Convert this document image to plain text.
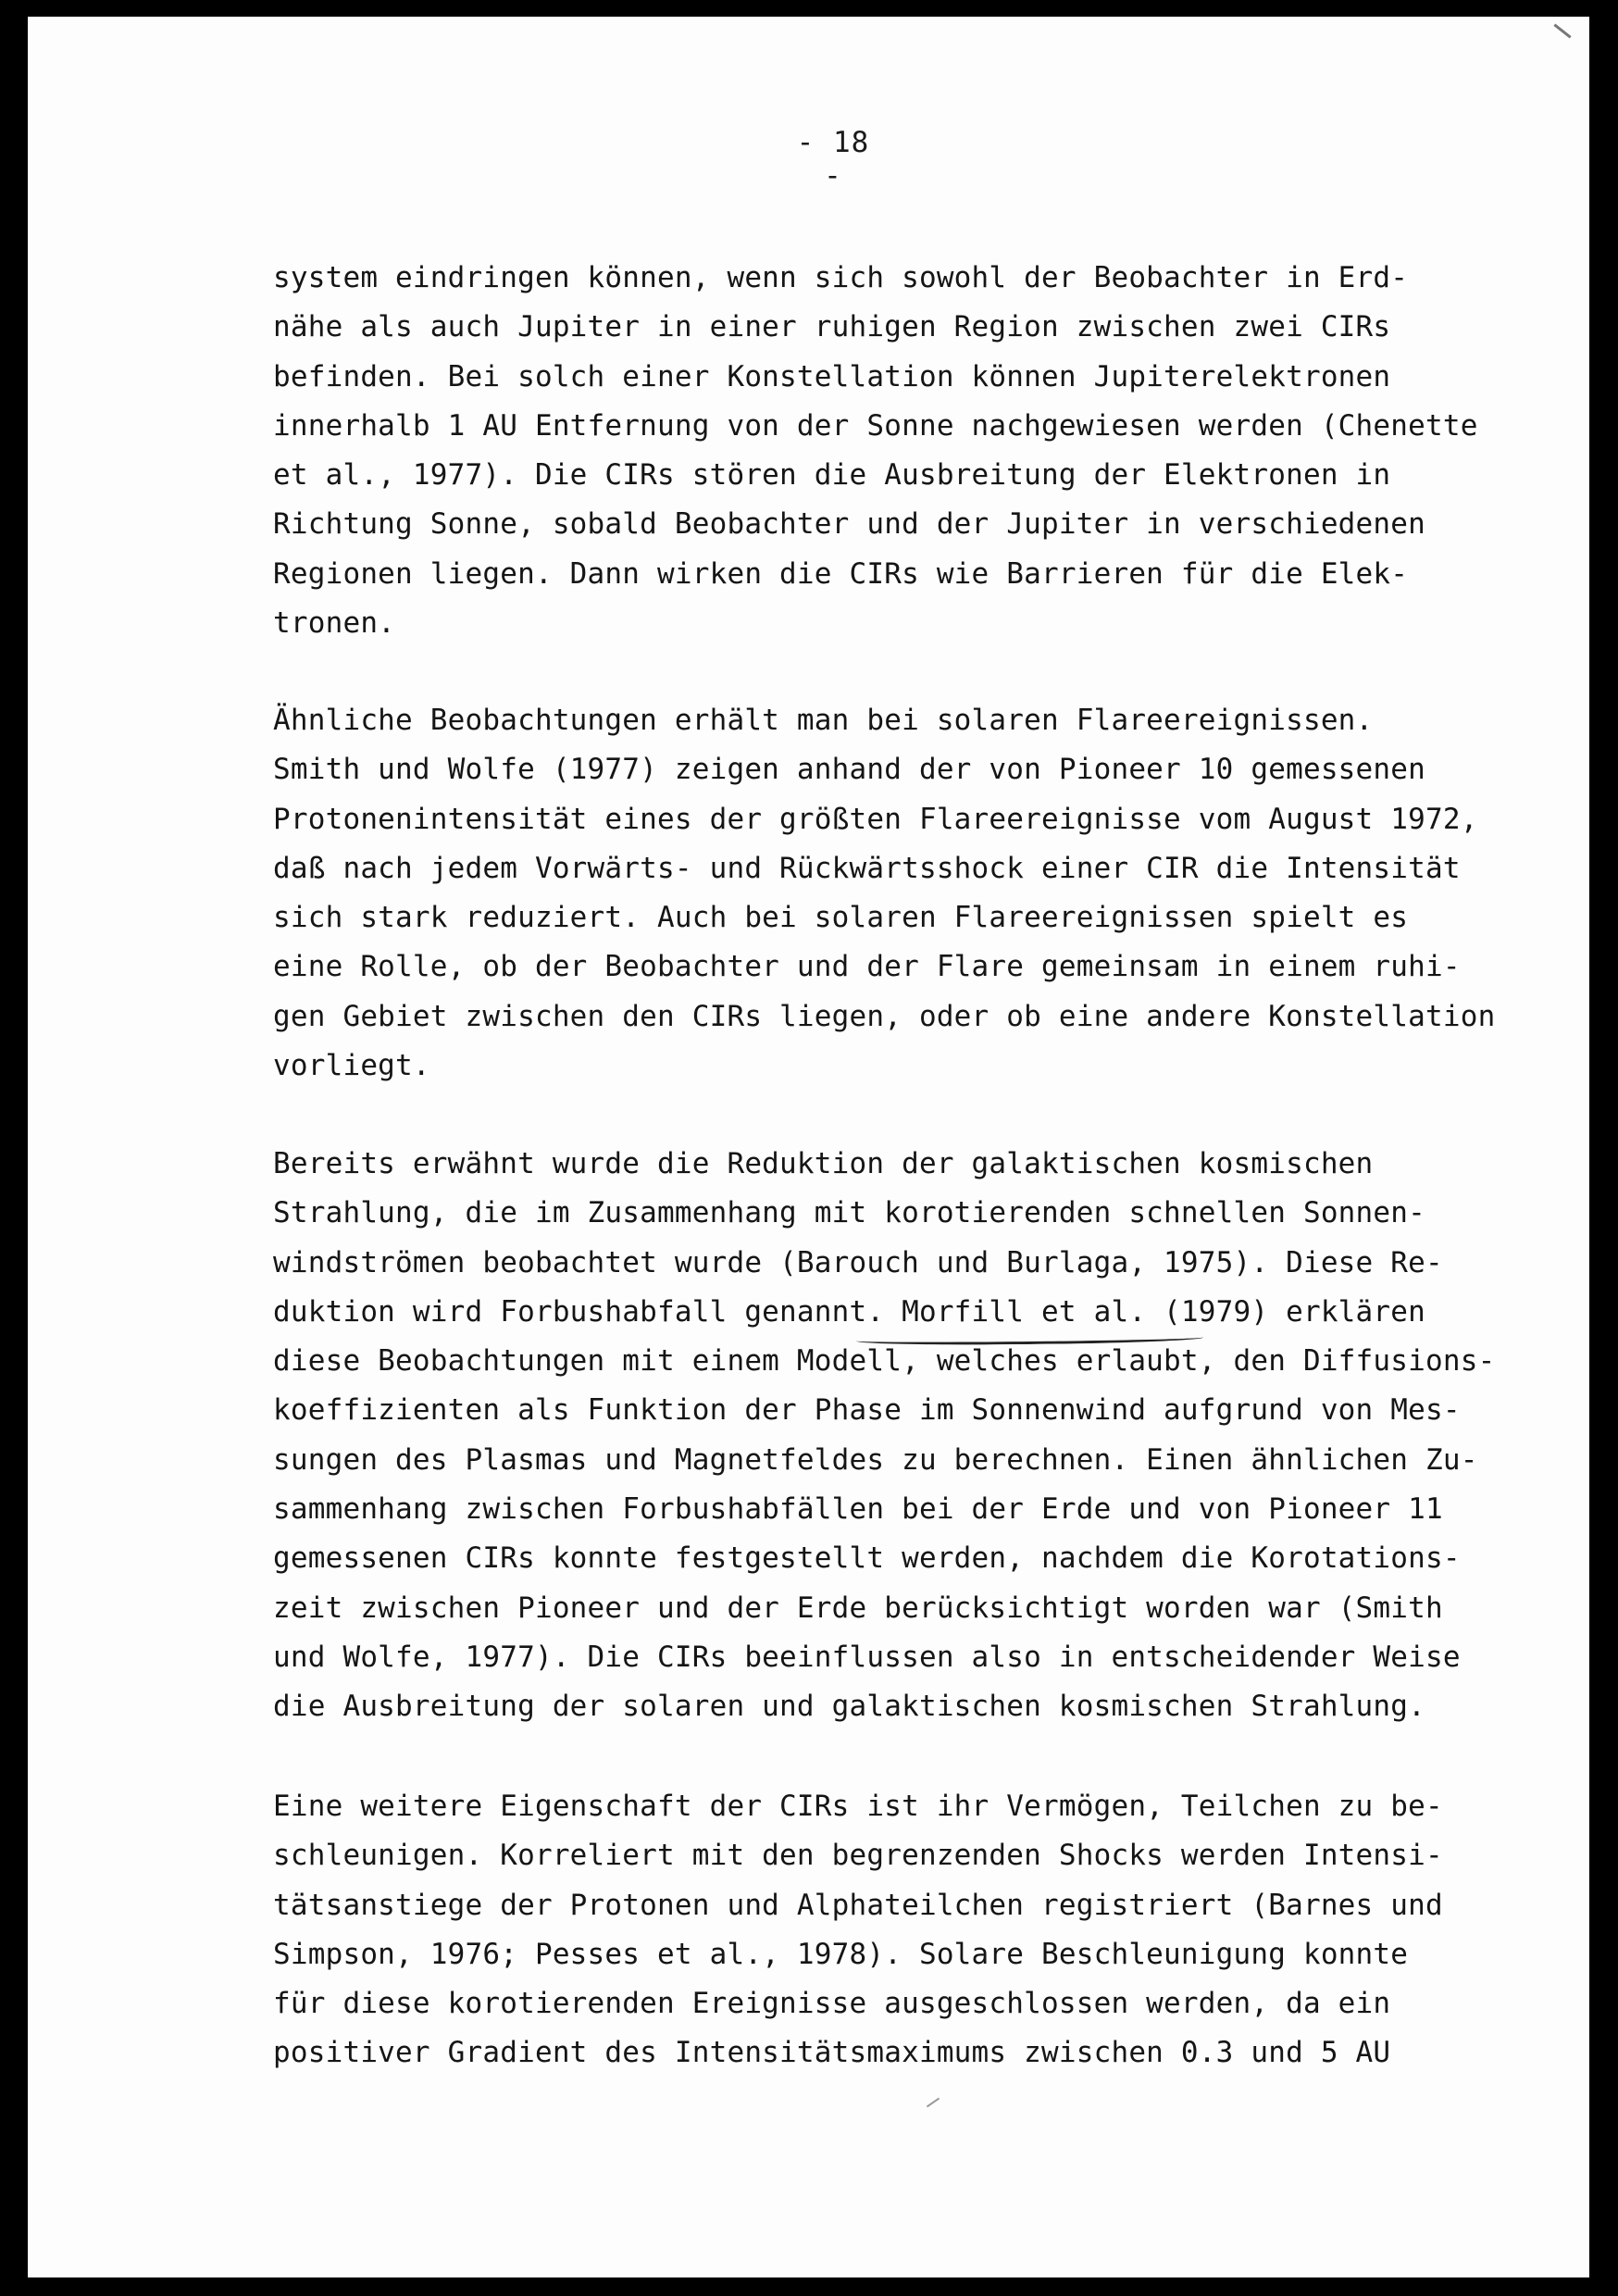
- 18 -
system eindringen können, wenn sich sowohl der Beobachter in Erd-
nähe als auch Jupiter in einer ruhigen Region zwischen zwei CIRs
befinden. Bei solch einer Konstellation können Jupiterelektronen
innerhalb 1 AU Entfernung von der Sonne nachgewiesen werden (Chenette
et al., 1977). Die CIRs stören die Ausbreitung der Elektronen in
Richtung Sonne, sobald Beobachter und der Jupiter in verschiedenen
Regionen liegen. Dann wirken die CIRs wie Barrieren für die Elek-
tronen.
Ähnliche Beobachtungen erhält man bei solaren Flareereignissen.
Smith und Wolfe (1977) zeigen anhand der von Pioneer 10 gemessenen
Protonenintensität eines der größten Flareereignisse vom August 1972,
daß nach jedem Vorwärts- und Rückwärtsshock einer CIR die Intensität
sich stark reduziert. Auch bei solaren Flareereignissen spielt es
eine Rolle, ob der Beobachter und der Flare gemeinsam in einem ruhi-
gen Gebiet zwischen den CIRs liegen, oder ob eine andere Konstellation
vorliegt.
Bereits erwähnt wurde die Reduktion der galaktischen kosmischen
Strahlung, die im Zusammenhang mit korotierenden schnellen Sonnen-
windströmen beobachtet wurde (Barouch und Burlaga, 1975). Diese Re-
duktion wird Forbushabfall genannt. Morfill et al. (1979) erklären
diese Beobachtungen mit einem Modell, welches erlaubt, den Diffusions-
koeffizienten als Funktion der Phase im Sonnenwind aufgrund von Mes-
sungen des Plasmas und Magnetfeldes zu berechnen. Einen ähnlichen Zu-
sammenhang zwischen Forbushabfällen bei der Erde und von Pioneer 11
gemessenen CIRs konnte festgestellt werden, nachdem die Korotations-
zeit zwischen Pioneer und der Erde berücksichtigt worden war (Smith
und Wolfe, 1977). Die CIRs beeinflussen also in entscheidender Weise
die Ausbreitung der solaren und galaktischen kosmischen Strahlung.
Eine weitere Eigenschaft der CIRs ist ihr Vermögen, Teilchen zu be-
schleunigen. Korreliert mit den begrenzenden Shocks werden Intensi-
tätsanstiege der Protonen und Alphateilchen registriert (Barnes und
Simpson, 1976; Pesses et al., 1978). Solare Beschleunigung konnte
für diese korotierenden Ereignisse ausgeschlossen werden, da ein
positiver Gradient des Intensitätsmaximums zwischen 0.3 und 5 AU
